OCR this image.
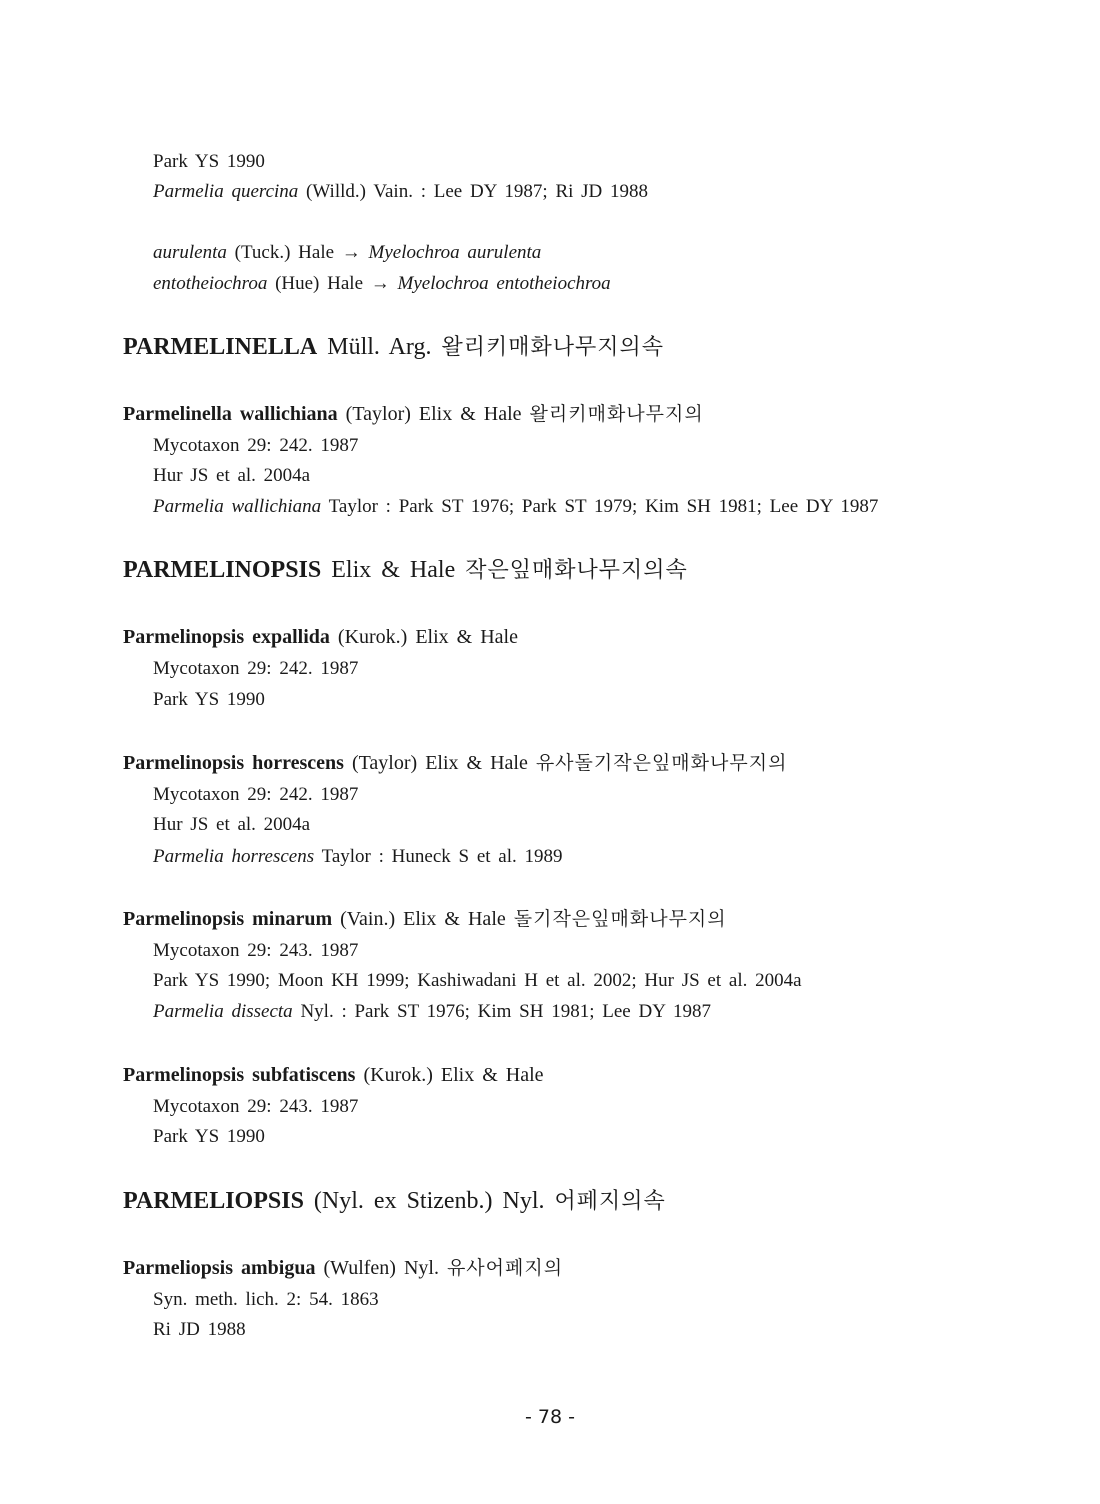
Park YS 1990
Parmelia quercina (Willd.) Vain. : Lee DY 1987; Ri JD 1988
aurulenta (Tuck.) Hale → Myelochroa aurulenta
entotheiochroa (Hue) Hale → Myelochroa entotheiochroa
PARMELINELLA Müll. Arg. 왈리키매화나무지의속
Parmelinella wallichiana (Taylor) Elix & Hale 왈리키매화나무지의
Mycotaxon 29: 242. 1987
Hur JS et al. 2004a
Parmelia wallichiana Taylor : Park ST 1976; Park ST 1979; Kim SH 1981; Lee DY 1987
PARMELINOPSIS Elix & Hale 작은잎매화나무지의속
Parmelinopsis expallida (Kurok.) Elix & Hale
Mycotaxon 29: 242. 1987
Park YS 1990
Parmelinopsis horrescens (Taylor) Elix & Hale 유사돌기작은잎매화나무지의
Mycotaxon 29: 242. 1987
Hur JS et al. 2004a
Parmelia horrescens Taylor : Huneck S et al. 1989
Parmelinopsis minarum (Vain.) Elix & Hale 돌기작은잎매화나무지의
Mycotaxon 29: 243. 1987
Park YS 1990; Moon KH 1999; Kashiwadani H et al. 2002; Hur JS et al. 2004a
Parmelia dissecta Nyl. : Park ST 1976; Kim SH 1981; Lee DY 1987
Parmelinopsis subfatiscens (Kurok.) Elix & Hale
Mycotaxon 29: 243. 1987
Park YS 1990
PARMELIOPSIS (Nyl. ex Stizenb.) Nyl. 어페지의속
Parmeliopsis ambigua (Wulfen) Nyl. 유사어페지의
Syn. meth. lich. 2: 54. 1863
Ri JD 1988
- 78 -
